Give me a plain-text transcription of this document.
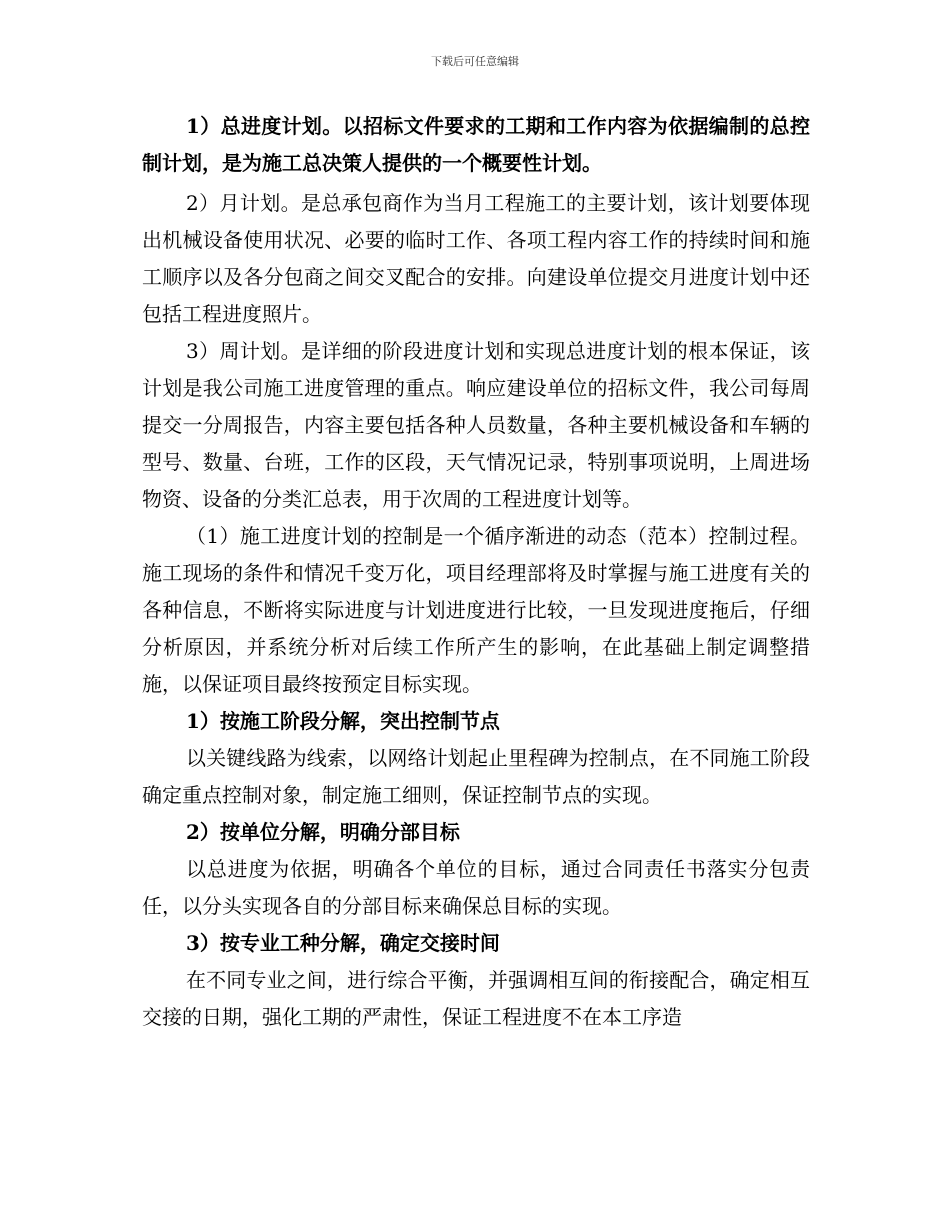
下载后可任意编辑

1）总进度计划。以招标文件要求的工期和工作内容为依据编制的总控制计划，是为施工总决策人提供的一个概要性计划。

2）月计划。是总承包商作为当月工程施工的主要计划，该计划要体现出机械设备使用状况、必要的临时工作、各项工程内容工作的持续时间和施工顺序以及各分包商之间交叉配合的安排。向建设单位提交月进度计划中还包括工程进度照片。

3）周计划。是详细的阶段进度计划和实现总进度计划的根本保证，该计划是我公司施工进度管理的重点。响应建设单位的招标文件，我公司每周提交一分周报告，内容主要包括各种人员数量，各种主要机械设备和车辆的型号、数量、台班，工作的区段，天气情况记录，特别事项说明，上周进场物资、设备的分类汇总表，用于次周的工程进度计划等。

（1）施工进度计划的控制是一个循序渐进的动态（范本）控制过程。施工现场的条件和情况千变万化，项目经理部将及时掌握与施工进度有关的各种信息，不断将实际进度与计划进度进行比较，一旦发现进度拖后，仔细分析原因，并系统分析对后续工作所产生的影响，在此基础上制定调整措施，以保证项目最终按预定目标实现。

1）按施工阶段分解，突出控制节点

以关键线路为线索，以网络计划起止里程碑为控制点，在不同施工阶段确定重点控制对象，制定施工细则，保证控制节点的实现。

2）按单位分解，明确分部目标

以总进度为依据，明确各个单位的目标，通过合同责任书落实分包责任，以分头实现各自的分部目标来确保总目标的实现。

3）按专业工种分解，确定交接时间

在不同专业之间，进行综合平衡，并强调相互间的衔接配合，确定相互交接的日期，强化工期的严肃性，保证工程进度不在本工序造
